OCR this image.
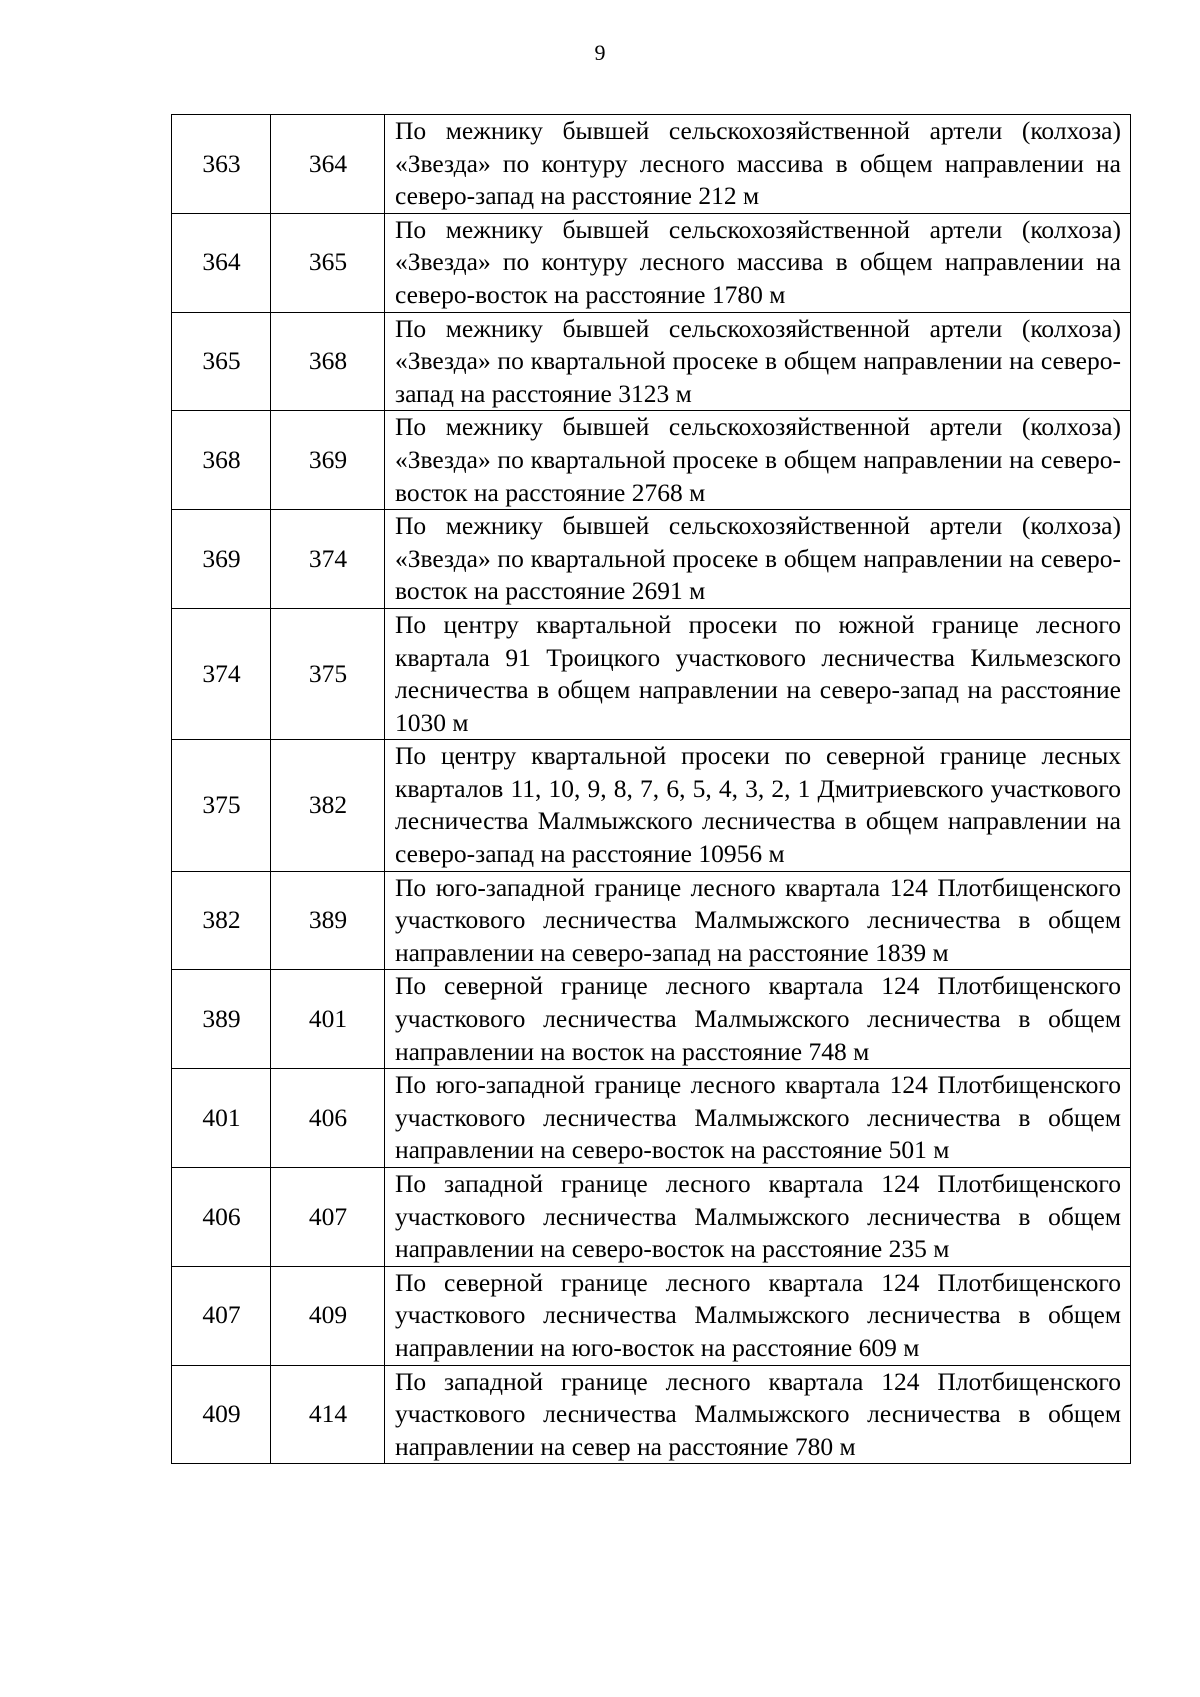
9
363	364	По межнику бывшей сельскохозяйственной артели (колхоза) «Звезда» по контуру лесного массива в общем направлении на северо-запад на расстояние 212 м
364	365	По межнику бывшей сельскохозяйственной артели (колхоза) «Звезда» по контуру лесного массива в общем направлении на северо-восток на расстояние 1780 м
365	368	По межнику бывшей сельскохозяйственной артели (колхоза) «Звезда» по квартальной просеке в общем направлении на северо-запад на расстояние 3123 м
368	369	По межнику бывшей сельскохозяйственной артели (колхоза) «Звезда» по квартальной просеке в общем направлении на северо-восток на расстояние 2768 м
369	374	По межнику бывшей сельскохозяйственной артели (колхоза) «Звезда» по квартальной просеке в общем направлении на северо-восток на расстояние 2691 м
374	375	По центру квартальной просеки по южной границе лесного квартала 91 Троицкого участкового лесничества Кильмезского лесничества в общем направлении на северо-запад на расстояние 1030 м
375	382	По центру квартальной просеки по северной границе лесных кварталов 11, 10, 9, 8, 7, 6, 5, 4, 3, 2, 1 Дмитриевского участкового лесничества Малмыжского лесничества в общем направлении на северо-запад на расстояние 10956 м
382	389	По юго-западной границе лесного квартала 124 Плотбищенского участкового лесничества Малмыжского лесничества в общем направлении на северо-запад на расстояние 1839 м
389	401	По северной границе лесного квартала 124 Плотбищенского участкового лесничества Малмыжского лесничества в общем направлении на восток на расстояние 748 м
401	406	По юго-западной границе лесного квартала 124 Плотбищенского участкового лесничества Малмыжского лесничества в общем направлении на северо-восток на расстояние 501 м
406	407	По западной границе лесного квартала 124 Плотбищенского участкового лесничества Малмыжского лесничества в общем направлении на северо-восток на расстояние 235 м
407	409	По северной границе лесного квартала 124 Плотбищенского участкового лесничества Малмыжского лесничества в общем направлении на юго-восток на расстояние 609 м
409	414	По западной границе лесного квартала 124 Плотбищенского участкового лесничества Малмыжского лесничества в общем направлении на север на расстояние 780 м
